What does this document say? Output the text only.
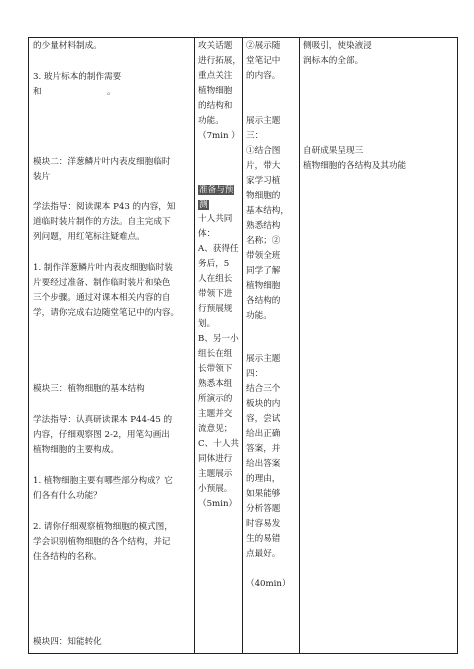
的少量材料制成。
3. 玻片标本的制作需要
和	。
模块二：洋葱鳞片叶内表皮细胞临时
装片
学法指导：阅读课本 P43 的内容，知
道临时装片制作的方法。自主完成下
列问题，用红笔标注疑难点。
1. 制作洋葱鳞片叶内表皮细胞临时装
片要经过准备、制作临时装片和染色
三个步骤。通过对课本相关内容的自
学，请你完成右边随堂笔记中的内容。
模块三：植物细胞的基本结构
学法指导：认真研读课本 P44-45 的
内容，仔细观察图 2-2，用笔勾画出
植物细胞的主要构成。
1. 植物细胞主要有哪些部分构成？它
们各有什么功能？
2. 请你仔细观察植物细胞的模式图，
学会识别植物细胞的各个结构，并记
住各结构的名称。
模块四：知能转化

攻关话题
进行拓展，
重点关注
植物细胞
的结构和
功能。
（7min ）
准备与预
测
十人共同
体：
A、获得任
务后，5
人在组长
带领下进
行预展规
划。
B、另一小
组长在组
长带领下
熟悉本组
所演示的
主题并交
流意见；
C、十人共
同体进行
主题展示
小预展。
（5min）

②展示随
堂笔记中
的内容。
展示主题
三：
①结合图
片，带大
家学习植
物细胞的
基本结构，
熟悉结构
名称；②
带领全班
同学了解
植物细胞
各结构的
功能。
展示主题
四：
结合三个
板块的内
容，尝试
给出正确
答案，并
给出答案
的理由，
如果能够
分析答题
时容易发
生的易错
点最好。
（40min）

侧吸引，使染液浸
润标本的全部。
自研成果呈现三
植物细胞的各结构及其功能
